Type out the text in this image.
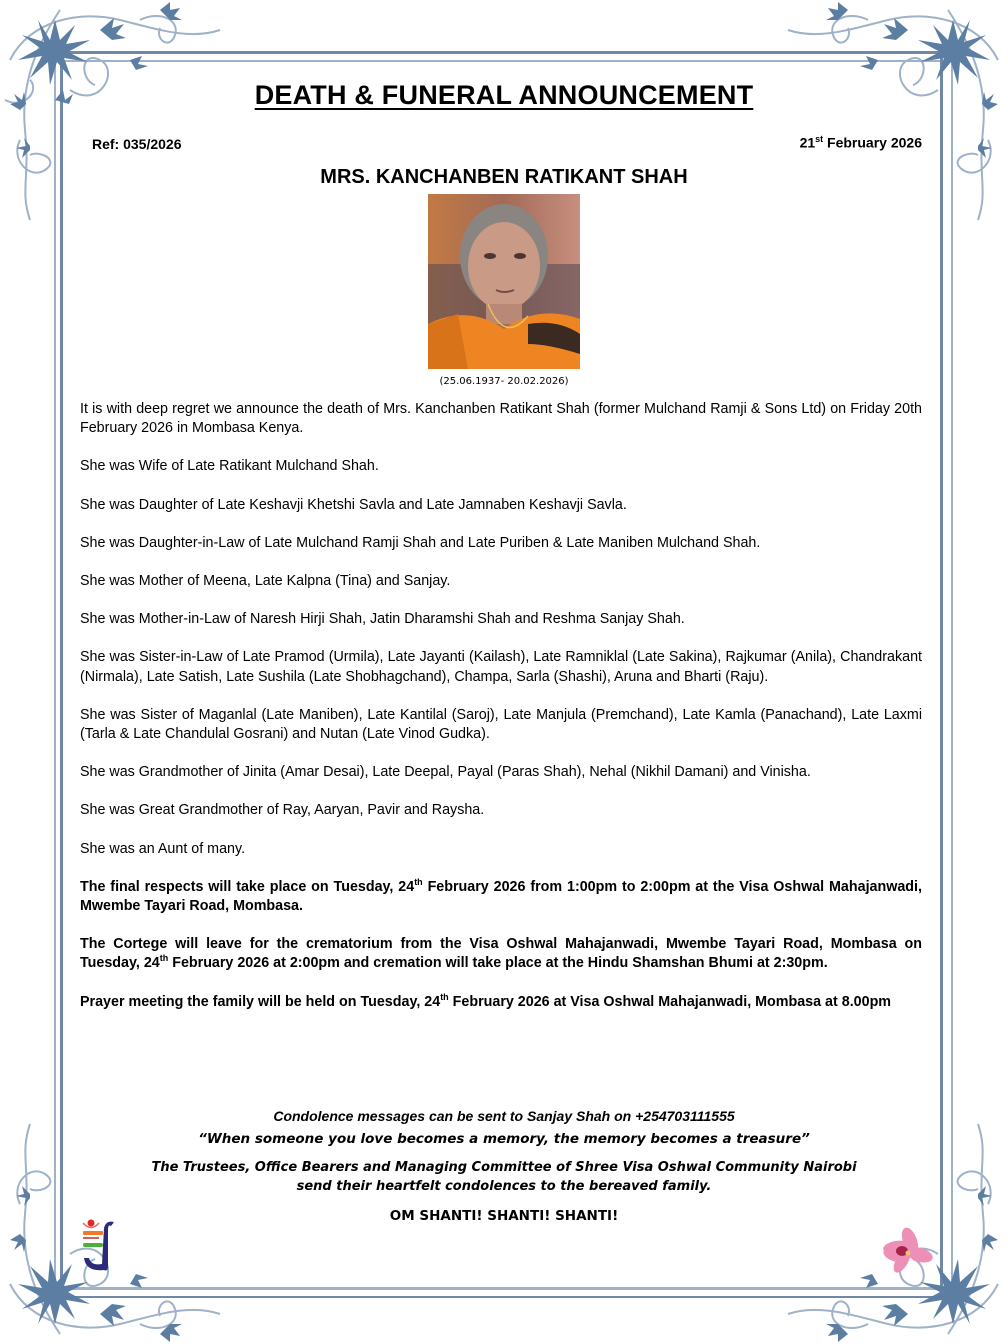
DEATH & FUNERAL ANNOUNCEMENT
Ref: 035/2026	21st February 2026
MRS. KANCHANBEN RATIKANT SHAH
(25.06.1937- 20.02.2026)

It is with deep regret we announce the death of Mrs. Kanchanben Ratikant Shah (former Mulchand Ramji & Sons Ltd) on Friday 20th February 2026 in Mombasa Kenya.

She was Wife of Late Ratikant Mulchand Shah.

She was Daughter of Late Keshavji Khetshi Savla and Late Jamnaben Keshavji Savla.

She was Daughter-in-Law of Late Mulchand Ramji Shah and Late Puriben & Late Maniben Mulchand Shah.

She was Mother of Meena, Late Kalpna (Tina) and Sanjay.

She was Mother-in-Law of Naresh Hirji Shah, Jatin Dharamshi Shah and Reshma Sanjay Shah.

She was Sister-in-Law of Late Pramod (Urmila), Late Jayanti (Kailash), Late Ramniklal (Late Sakina), Rajkumar (Anila), Chandrakant (Nirmala), Late Satish, Late Sushila (Late Shobhagchand), Champa, Sarla (Shashi), Aruna and Bharti (Raju).

She was Sister of Maganlal (Late Maniben), Late Kantilal (Saroj), Late Manjula (Premchand), Late Kamla (Panachand), Late Laxmi (Tarla & Late Chandulal Gosrani) and Nutan (Late Vinod Gudka).

She was Grandmother of Jinita (Amar Desai), Late Deepal, Payal (Paras Shah), Nehal (Nikhil Damani) and Vinisha.

She was Great Grandmother of Ray, Aaryan, Pavir and Raysha.

She was an Aunt of many.

The final respects will take place on Tuesday, 24th February 2026 from 1:00pm to 2:00pm at the Visa Oshwal Mahajanwadi, Mwembe Tayari Road, Mombasa.

The Cortege will leave for the crematorium from the Visa Oshwal Mahajanwadi, Mwembe Tayari Road, Mombasa on Tuesday, 24th February 2026 at 2:00pm and cremation will take place at the Hindu Shamshan Bhumi at 2:30pm.

Prayer meeting the family will be held on Tuesday, 24th February 2026 at Visa Oshwal Mahajanwadi, Mombasa at 8.00pm

Condolence messages can be sent to Sanjay Shah on +254703111555
“When someone you love becomes a memory, the memory becomes a treasure”
The Trustees, Office Bearers and Managing Committee of Shree Visa Oshwal Community Nairobi
send their heartfelt condolences to the bereaved family.
OM SHANTI! SHANTI! SHANTI!
